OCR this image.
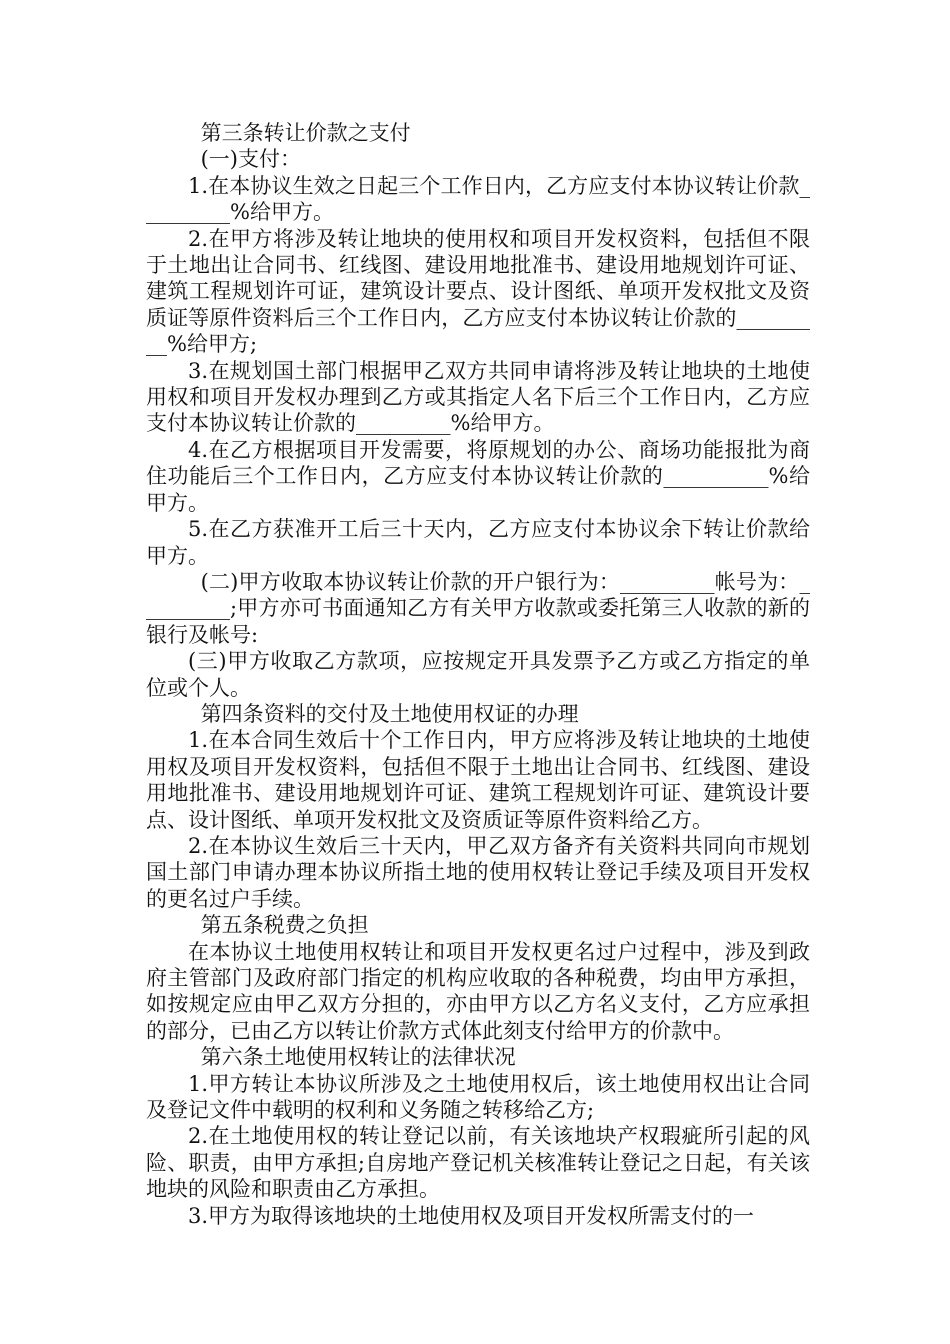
第三条转让价款之支付

(一)支付：

1.在本协议生效之日起三个工作日内，乙方应支付本协议转让价款_________%给甲方。

2.在甲方将涉及转让地块的使用权和项目开发权资料，包括但不限于土地出让合同书、红线图、建设用地批准书、建设用地规划许可证、建筑工程规划许可证，建筑设计要点、设计图纸、单项开发权批文及资质证等原件资料后三个工作日内，乙方应支付本协议转让价款的_________%给甲方;

3.在规划国土部门根据甲乙双方共同申请将涉及转让地块的土地使用权和项目开发权办理到乙方或其指定人名下后三个工作日内，乙方应支付本协议转让价款的_________%给甲方。

4.在乙方根据项目开发需要，将原规划的办公、商场功能报批为商住功能后三个工作日内，乙方应支付本协议转让价款的__________%给甲方。

5.在乙方获准开工后三十天内，乙方应支付本协议余下转让价款给甲方。

(二)甲方收取本协议转让价款的开户银行为：_________帐号为：_________;甲方亦可书面通知乙方有关甲方收款或委托第三人收款的新的银行及帐号:

(三)甲方收取乙方款项，应按规定开具发票予乙方或乙方指定的单位或个人。

第四条资料的交付及土地使用权证的办理

1.在本合同生效后十个工作日内，甲方应将涉及转让地块的土地使用权及项目开发权资料，包括但不限于土地出让合同书、红线图、建设用地批准书、建设用地规划许可证、建筑工程规划许可证、建筑设计要点、设计图纸、单项开发权批文及资质证等原件资料给乙方。

2.在本协议生效后三十天内，甲乙双方备齐有关资料共同向市规划国土部门申请办理本协议所指土地的使用权转让登记手续及项目开发权的更名过户手续。

第五条税费之负担

在本协议土地使用权转让和项目开发权更名过户过程中，涉及到政府主管部门及政府部门指定的机构应收取的各种税费，均由甲方承担，如按规定应由甲乙双方分担的，亦由甲方以乙方名义支付，乙方应承担的部分，已由乙方以转让价款方式体此刻支付给甲方的价款中。

第六条土地使用权转让的法律状况

1.甲方转让本协议所涉及之土地使用权后，该土地使用权出让合同及登记文件中载明的权利和义务随之转移给乙方;

2.在土地使用权的转让登记以前，有关该地块产权瑕疵所引起的风险、职责，由甲方承担;自房地产登记机关核准转让登记之日起，有关该地块的风险和职责由乙方承担。

3.甲方为取得该地块的土地使用权及项目开发权所需支付的一
